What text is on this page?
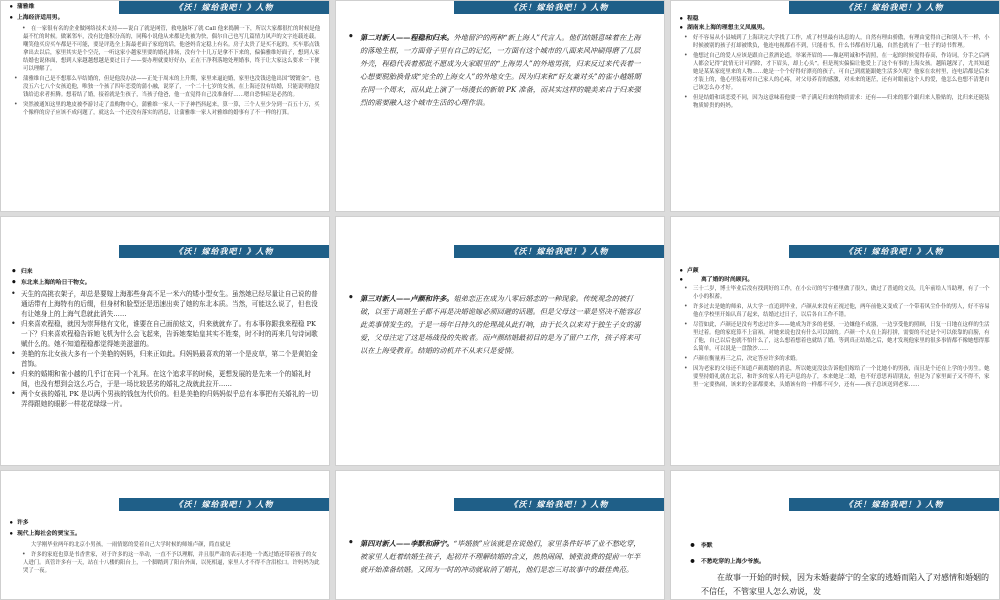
《沃！嫁给我吧！》人物
• 蒲雅维
• 上海经济适用男。
• 在一家很有名的企业做网络技术支持——说白了就是网管，救电脑坏了就 Call 他来捣腾一下，所以大家都很忙的时候是他最不忙的时候。做案邻车，没有比他积分高的，同稀小说他从来都是先被为快，偶尔自己也写几篇情力风声的文字连载连载。嘲笑他买房买车都是不可能，要是评选全上海最老面子家庭的话，他爸妈肯定稳上有名。房子太贵了是买不起的，买车那点钱拿出去以后，家里其实是个空壳，一听这家小越家里要的婚礼排场，没有个十几万是拿不下来的，偏偏雅维好面子，想到人家结婚也说体面，想到人家越越想越是要过日子——要办理就要好好办，正在干净利落地处理婚事，终于让大家这么要求一下便可以理解了。
• 蒲雅维自己是不想那么早结婚的，但是他没办法——正处于周末的上升期，家里来逼迫婚，家里也没钱送他出国“镀镀金”。也没五六七八个女孩追他，唯独一个孩了四年恋爱的蒲小融，说穿了，一个二十七岁的女孩，在上海还没有结婚，只能说明他没钱给追求者折腾。想着结了婚，接着就是生孩子，当孩子他爸，他一直觉得自己没准备好……嗯自恐惧症是必然的。
• 突然被通知这里的地皮被李游讨走了盖购物中心，蒲雅维一家人一下子神挡抖起来，算一算，三个人至少分到一百五十万，买个像样的房子应该不成问题了，就这么一个还没有落实的消息，让蒲雅维一家人对雅维的婚事有了不一样的打算。
《沃！嫁给我吧！》人物
• 第二对新人——程稳和归来。外地留沪的两种“新上海人”代言人。他们结婚意味着在上海的落地生根，一方面骨子里有自己的记忆，一方面有这个城市的八面来风冲刷得磨了几层外壳，程稳代表着那批不愿成为大家眼里的“上海男人”的外地男孩，归来反过来代表着一心想要脱胎换骨成“完全的上海女人”的外地女生。因为归来和“好友兼对头”的雀小越婚期在同一个周末，而从此上演了一场漫长的新娘 PK 准备，而其实这样的媲美来自于归来强烈的需要融入这个城市生活的心理作祟。
《沃！嫁给我吧！》人物
• 程稳
• 湖南来上海的理想主义凤凰男。
• 好不容易从小县城到了上海读完大学找了工作，成了村里最有出息的人，自然有理由骄傲，有理由觉得自己和别人不一样，小时候被别的孩子打却被欺负，他连电视都看不到，只能看书，什么书都看好几遍，自然也就有了一肚子的诗书哲理。
• 他想过自己的爱人应该是跟自己煮酒论道，举案齐眉的——像赵明诚和李清照，在一起的时候觉得春高，作诗词，分手之后两人都会记得“此情无计可消除，才下眉头，却上心头”。但是现实偏偏让他爱上了这个有事的上海女孩。越陷越深了，尤其知道她是某某家庭里来的人物……她是一个个好得好漂亮的孩子，可自己到底能跟她生活多久呢？他家在农村里，连电话都是后来才装上的，他心里装着对自己家人的心疼，对父母养育的感激，对未来的迷茫，还有对眼前这个人的爱，他怎么也想不清楚自己该怎么办才好。
• 但是结婚和谈恋爱不同，因为这意味着他要一辈子满足归来的物质需求：还有——归来的那个跟归来人脸贴的，比归来还能装物质娇贵的妈妈。
《沃！嫁给我吧！》人物
• 归来
• 东北来上海的哈日干物女。
• 天生的高挑衣架子，却总是要嫁上海那些身高不足一米六的矮小型女生。虽然她已经尽量让自己说的普通话带有上海特有的后缀，但身材和脸型还是迅速出卖了她的东北本质。当然，可能这么说了，但也没有让她身上的上海气息就此消失……
• 归来喜欢程稳，就因为崇拜他有文化，谁要在自己面前炫文，归来就就弃了。有本事你跟我来程稳 PK 一下？归来喜欢程稳告诉她飞机为什么会飞起来，告诉她秦始皇其实不姓秦，时不时的再来几句诗词歌赋什么的。她不知道程稳都觉得她美滋滋的。
• 美艳的东北女孩大多有一个美艳的妈妈，归来正如此。归妈妈最喜欢的第一个是皮草，第二个是黄铂金首饰。
• 归来的婚期和雀小越的几乎订在同一个礼拜。在这个追求平的时候，更想发展的是先来一个的婚礼时间，也没有想到会这么巧合，于是一场比较恶劣的婚礼之战就此拉开……
• 两个女孩的婚礼 PK 是以两个男孩的钱包为代价的。但是美艳的归妈妈似乎总有本事把有关婚礼的一切弄得跟她的眼影一样花花绿绿一片。
《沃！嫁给我吧！》人物
• 第三对新人——卢颜和许多。姐弟恋正在成为八零后婚恋的一种现象。传统观念的被打破，以至于离婚生子都不再是决婚诡嫁必须回避的话题。但是父母这一辈是坚决不能容忍此类事情发生的。于是一场年日持久的伦理战从此打响，由于长久以来对于独生子女的溺爱，父母注定了这是场战役的失败者。而卢颜结婚最初目的是为了留户工作，孩子将来可以在上海受教育。结婚的动机并不从来只是爱情。
《沃！嫁给我吧！》人物
• 卢颜
• 离了婚的时尚顾问。
• 三十二岁，博士毕业后没有找到好的工作，在小公司的写字楼里做了很久，做过了普通的文员，几年前给人当助理，有了一个小小的积蓄。
• 许多过去是她的师弟，从大学一直追到毕业，卢颜从来没有正视过他，两年前他又变成了一个带着风尘仆仆的男人，好不容易他在学校里开始认真了起来，结婚过过日子，以后各自工作不错。
• 尽管如此，卢颜还是没有考虑过许多——她成为许多的老婆，一边嫌他不成器，一边享受他的照顾，日复一日地在这样的生活里过着。他的家庭算不上富裕，对她来说也没有什么可以图的。卢颜一个人在上海打拼，需要的不过是个可以依靠的肩膀，有了他，自己以后也就不怕什么了，这么想着想着也就结了婚。等到真正结婚之后，她才发现他家里的很多事情都不像她想得那么简单，可以说是一盘散沙……
• 卢颜在衡量再三之后，决定答应许多的求婚。
• 因为老家的父母还不知道卢颜离婚的消息，所以她更没法告诉他们嫁给了一个比她小的男孩，而且是个还在上学的小男生。她要坚持婚礼就在北京，和许多的家人将无声息的办了，本来她是二婚，也不好意思再请朋友，但是为了家里面子又不得不，家里一定要热闹，该来的全部都要来，头婚该有的一样都不可少，还有——孩子总该送到老家……
《沃！嫁给我吧！》人物
• 许多
• 现代上海社会的贾宝玉。
大学刚毕业两年的北京小男孩，一雨情愿的爱着自己大学时候的师姐卢颜，简直就是
• 许多的家庭也算是书香世家，对于许多的这一举动，一直不予以理解，并且很严肃的表示拒绝一个离过婚还带着孩子的女人进门。真管许多有一天，站在十八楼的阳台上，一个脚踏到了阳台外面，以死相逼，家里人才不得不含泪松口。许妈妈为此哭了一夜。
《沃！嫁给我吧！》人物
• 第四对新人——李默和薛宁。“毕婚族”应该就是在说他们，家里条件好毕了业不愁吃穿，被家里人赶着结婚生孩子，起初并不理解结婚的含义，热热闹闹、铺张浪费的提前一年半就开始准备结婚。又因为一时的冲动就取消了婚礼，他们是恋三对故事中的最佳典范。
《沃！嫁给我吧！》人物
• 李默
• 不愁吃穿的上海少爷族。
在故事一开始的时候，因为未婚妻薛宁的全家的逃婚而陷入了对感情和婚姻的不信任，不管家里人怎么劝说，发
